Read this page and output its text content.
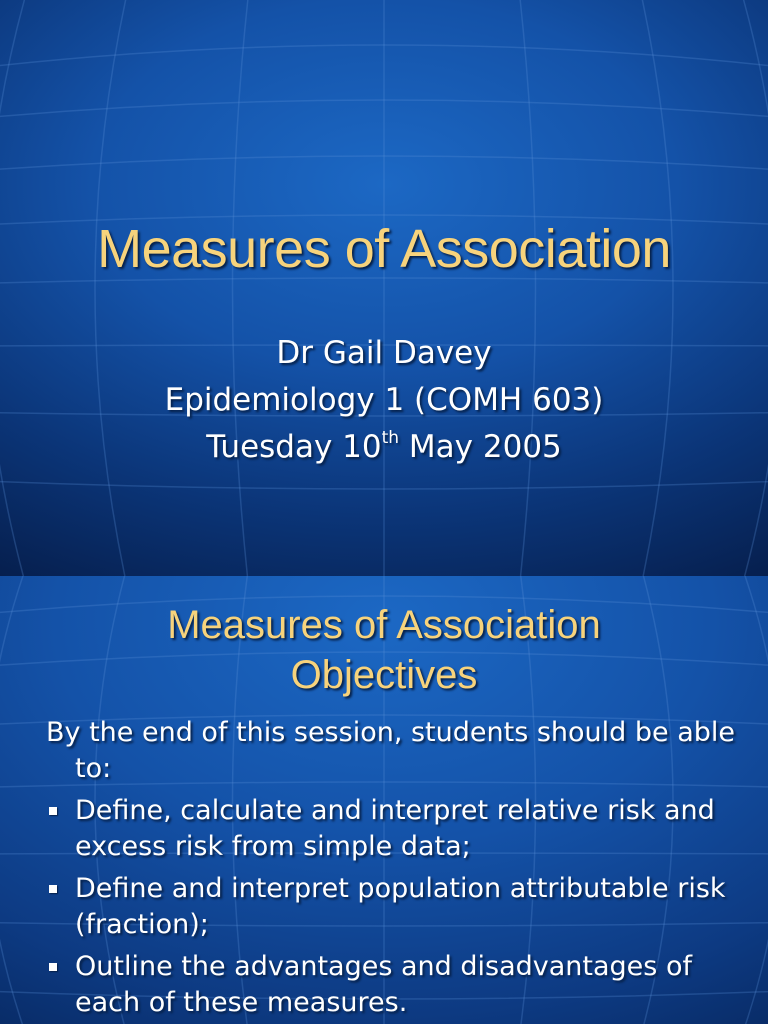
Measures of Association
Dr Gail Davey
Epidemiology 1 (COMH 603)
Tuesday 10th May 2005
Measures of Association
Objectives

By the end of this session, students should be able to:

Define, calculate and interpret relative risk and excess risk from simple data;
Define and interpret population attributable risk (fraction);
Outline the advantages and disadvantages of each of these measures.
